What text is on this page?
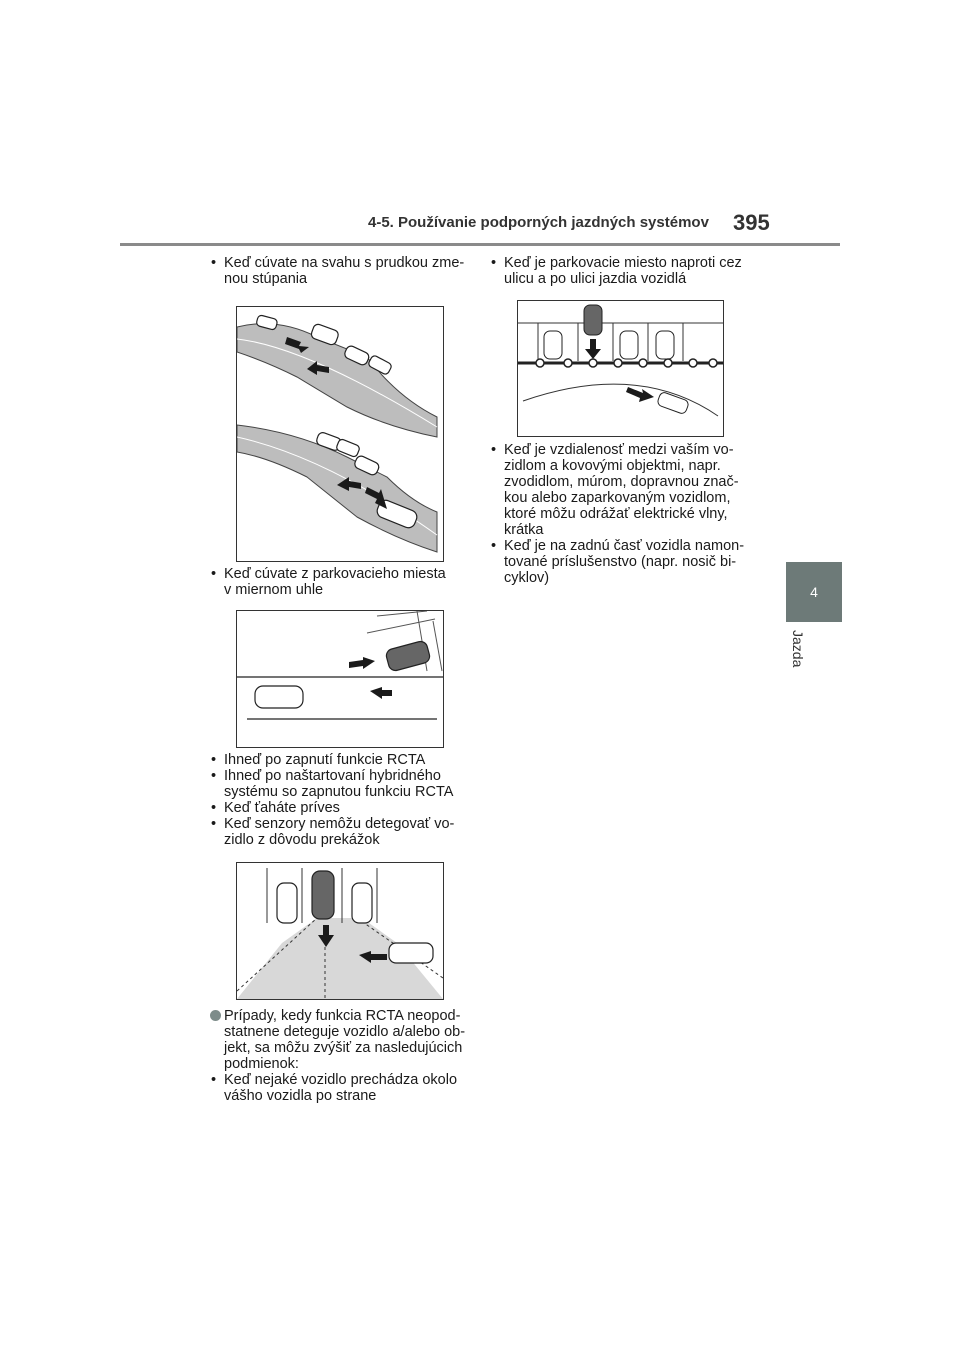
4-5. Používanie podporných jazdných systémov 395
4
Jazda
• Keď cúvate na svahu s prudkou zme-
nou stúpania
• Keď cúvate z parkovacieho miesta
v miernom uhle
• Ihneď po zapnutí funkcie RCTA
• Ihneď po naštartovaní hybridného
systému so zapnutou funkciu RCTA
• Keď ťaháte príves
• Keď senzory nemôžu detegovať vo-
zidlo z dôvodu prekážok
Prípady, kedy funkcia RCTA neopod-
statnene deteguje vozidlo a/alebo ob-
jekt, sa môžu zvýšiť za nasledujúcich
podmienok:
• Keď nejaké vozidlo prechádza okolo
vášho vozidla po strane
• Keď je parkovacie miesto naproti cez
ulicu a po ulici jazdia vozidlá
• Keď je vzdialenosť medzi vaším vo-
zidlom a kovovými objektmi, napr.
zvodidlom, múrom, dopravnou znač-
kou alebo zaparkovaným vozidlom,
ktoré môžu odrážať elektrické vlny,
krátka
• Keď je na zadnú časť vozidla namon-
tované príslušenstvo (napr. nosič bi-
cyklov)
